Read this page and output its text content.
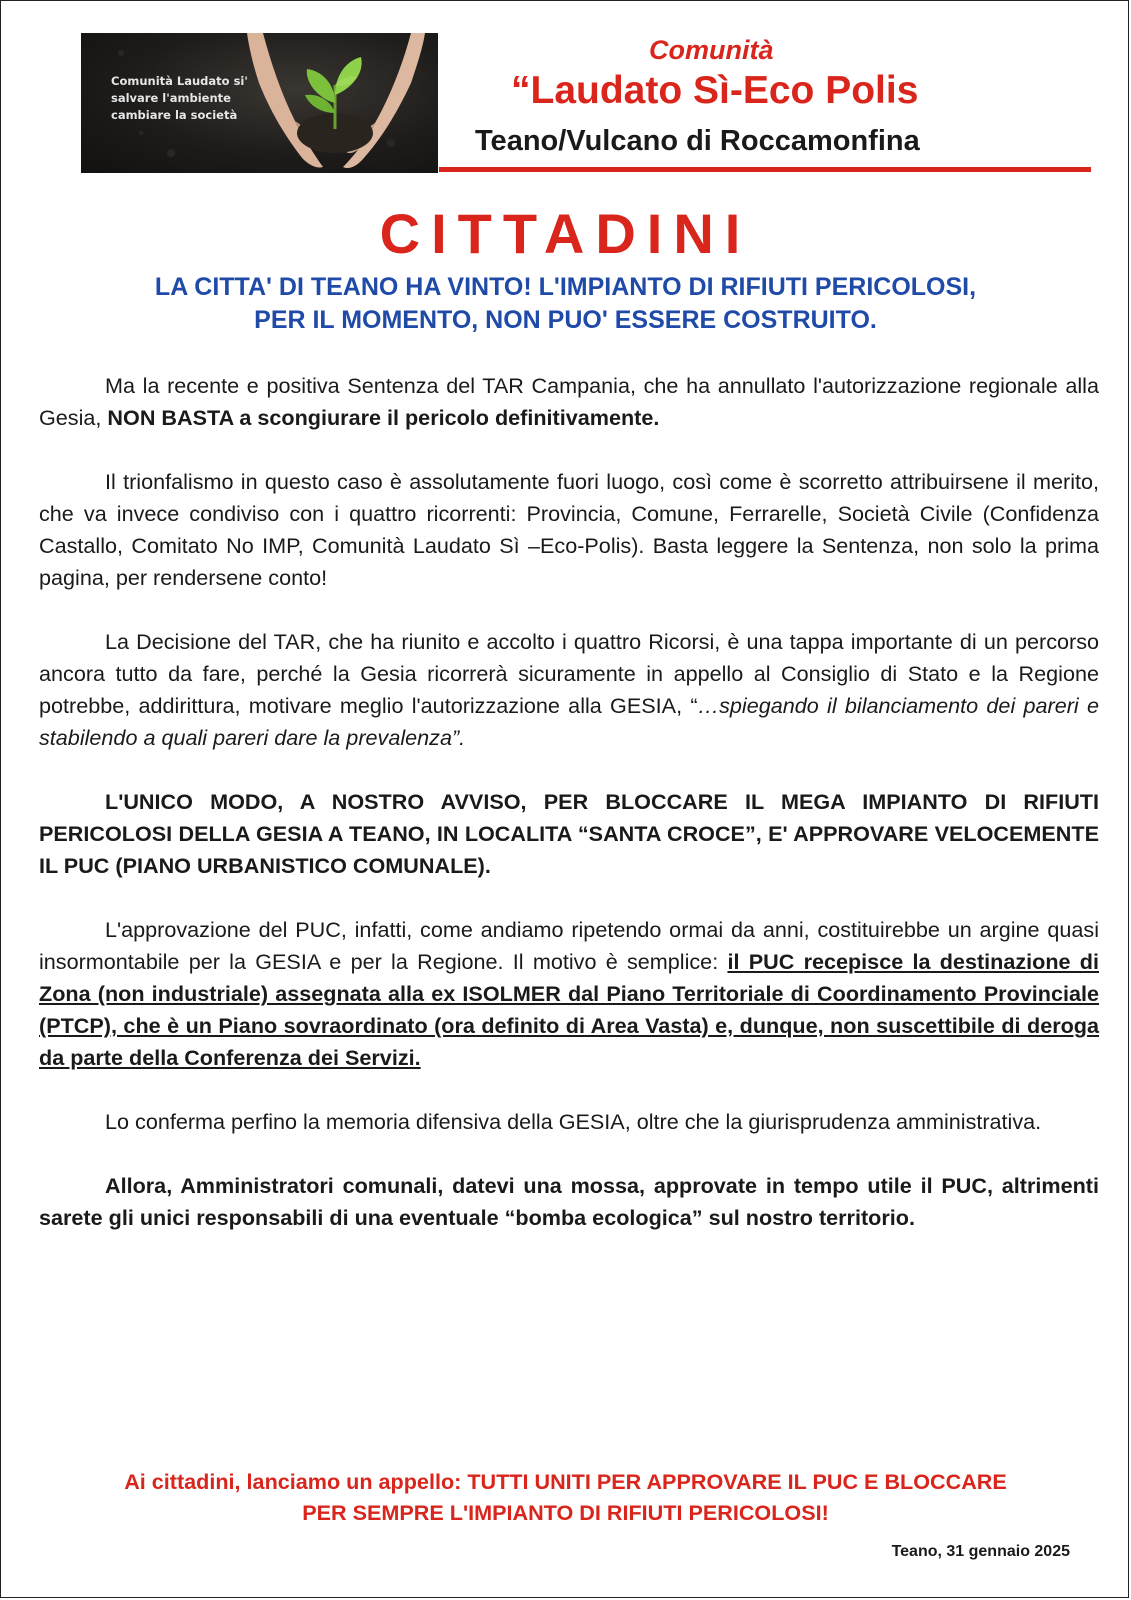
Comunità Laudato si'
salvare l'ambiente
cambiare la società
Comunità
“Laudato Sì-Eco Polis
Teano/Vulcano di Roccamonfina
CITTADINI
LA CITTA' DI TEANO HA VINTO! L'IMPIANTO DI RIFIUTI PERICOLOSI,
PER IL MOMENTO, NON PUO' ESSERE COSTRUITO.

Ma la recente e positiva Sentenza del TAR Campania, che ha annullato l'autorizzazione regionale alla Gesia, NON BASTA a scongiurare il pericolo definitivamente.

Il trionfalismo in questo caso è assolutamente fuori luogo, così come è scorretto attribuirsene il merito, che va invece condiviso con i quattro ricorrenti: Provincia, Comune, Ferrarelle, Società Civile (Confidenza Castallo, Comitato No IMP, Comunità Laudato Sì –Eco-Polis). Basta leggere la Sentenza, non solo la prima pagina, per rendersene conto!

La Decisione del TAR, che ha riunito e accolto i quattro Ricorsi, è una tappa importante di un percorso ancora tutto da fare, perché la Gesia ricorrerà sicuramente in appello al Consiglio di Stato e la Regione potrebbe, addirittura, motivare meglio l'autorizzazione alla GESIA, “…spiegando il bilanciamento dei pareri e stabilendo a quali pareri dare la prevalenza”.

L'UNICO MODO, A NOSTRO AVVISO, PER BLOCCARE IL MEGA IMPIANTO DI RIFIUTI PERICOLOSI DELLA GESIA A TEANO, IN LOCALITA “SANTA CROCE”, E' APPROVARE VELOCEMENTE IL PUC (PIANO URBANISTICO COMUNALE).

L'approvazione del PUC, infatti, come andiamo ripetendo ormai da anni, costituirebbe un argine quasi insormontabile per la GESIA e per la Regione. Il motivo è semplice: il PUC recepisce la destinazione di Zona (non industriale) assegnata alla ex ISOLMER dal Piano Territoriale di Coordinamento Provinciale (PTCP), che è un Piano sovraordinato (ora definito di Area Vasta) e, dunque, non suscettibile di deroga da parte della Conferenza dei Servizi.

Lo conferma perfino la memoria difensiva della GESIA, oltre che la giurisprudenza amministrativa.

Allora, Amministratori comunali, datevi una mossa, approvate in tempo utile il PUC, altrimenti sarete gli unici responsabili di una eventuale “bomba ecologica” sul nostro territorio.

Ai cittadini, lanciamo un appello: TUTTI UNITI PER APPROVARE IL PUC E BLOCCARE
PER SEMPRE L'IMPIANTO DI RIFIUTI PERICOLOSI!
Teano, 31 gennaio 2025
